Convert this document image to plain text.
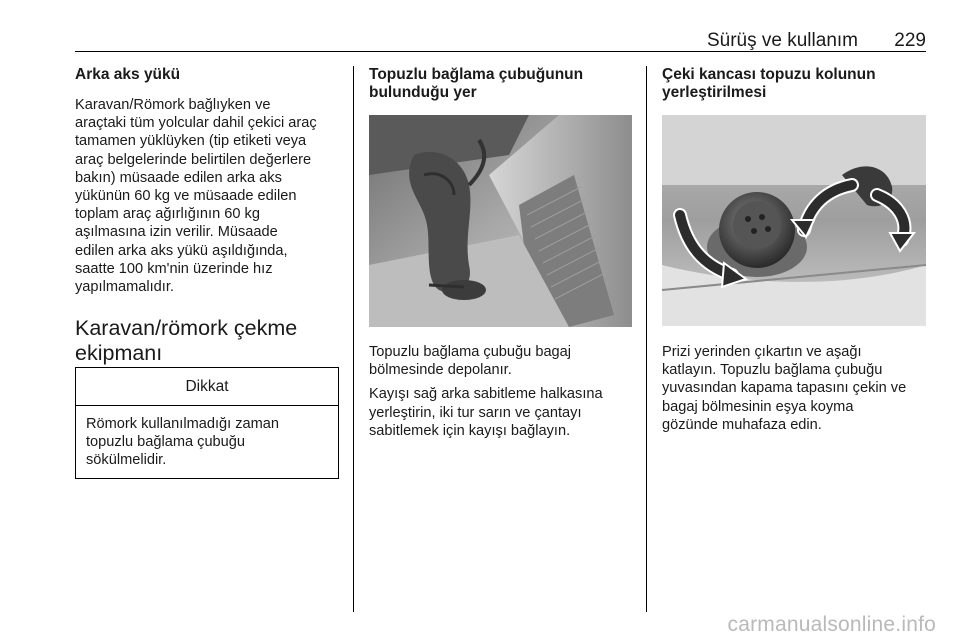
Sürüş ve kullanım 229
Arka aks yükü

Karavan/Römork bağlıyken ve
araçtaki tüm yolcular dahil çekici araç
tamamen yüklüyken (tip etiketi veya
araç belgelerinde belirtilen değerlere
bakın) müsaade edilen arka aks
yükünün 60 kg ve müsaade edilen
toplam araç ağırlığının 60 kg
aşılmasına izin verilir. Müsaade
edilen arka aks yükü aşıldığında,
saatte 100 km'nin üzerinde hız
yapılmamalıdır.

Karavan/römork çekme
ekipmanı
Dikkat
Römork kullanılmadığı zaman
topuzlu bağlama çubuğu
sökülmelidir.
Topuzlu bağlama çubuğunun
bulunduğu yer

Topuzlu bağlama çubuğu bagaj
bölmesinde depolanır.

Kayışı sağ arka sabitleme halkasına
yerleştirin, iki tur sarın ve çantayı
sabitlemek için kayışı bağlayın.

Çeki kancası topuzu kolunun
yerleştirilmesi

Prizi yerinden çıkartın ve aşağı
katlayın. Topuzlu bağlama çubuğu
yuvasından kapama tapasını çekin ve
bagaj bölmesinin eşya koyma
gözünde muhafaza edin.

carmanualsonline.info
